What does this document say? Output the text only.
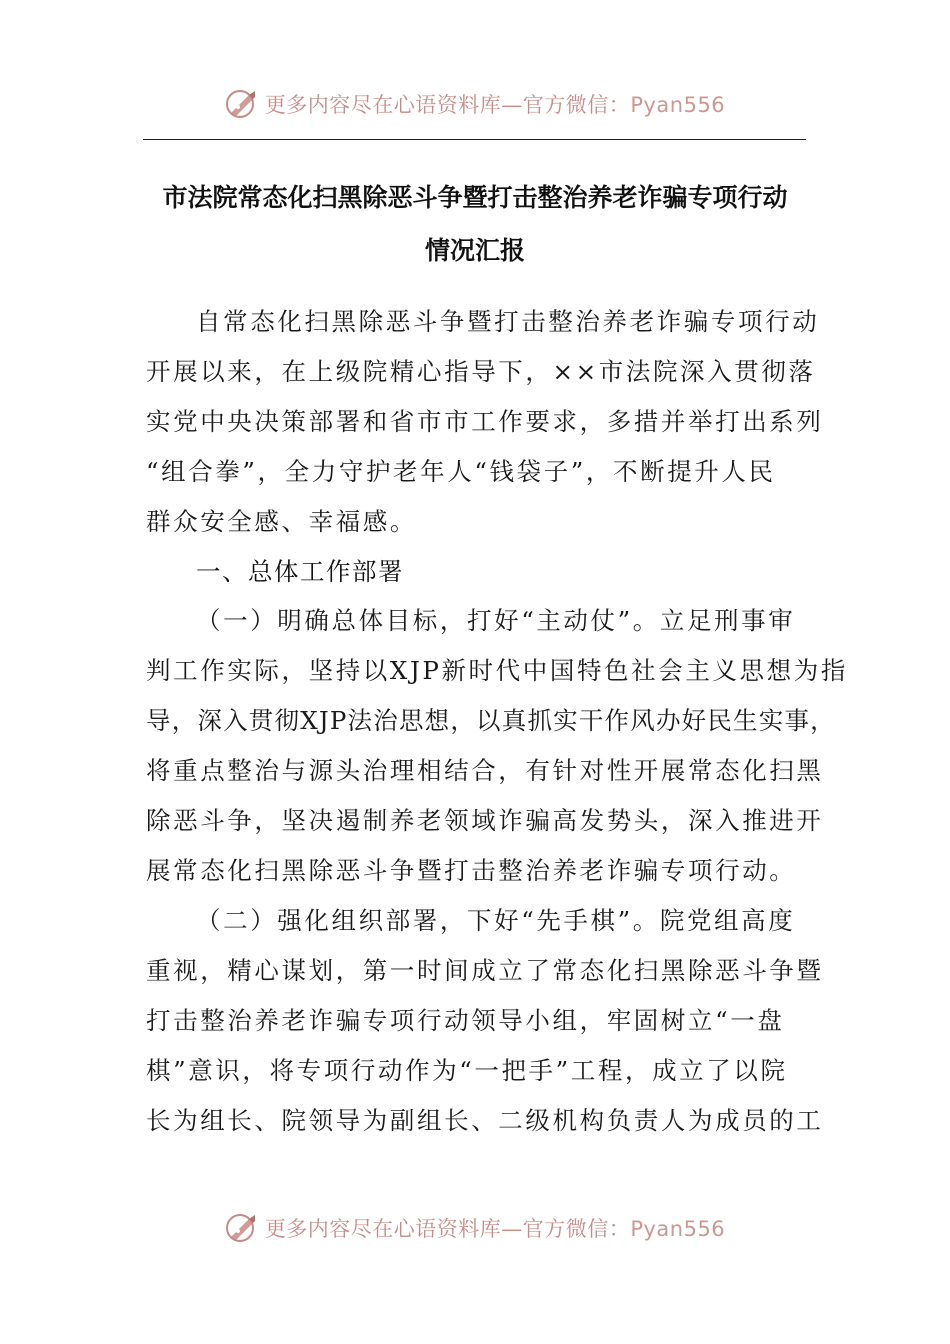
更多内容尽在心语资料库—官方微信：Pyan556
市法院常态化扫黑除恶斗争暨打击整治养老诈骗专项行动
情况汇报
自常态化扫黑除恶斗争暨打击整治养老诈骗专项行动
开展以来，在上级院精心指导下，××市法院深入贯彻落
实党中央决策部署和省市市工作要求，多措并举打出系列
“组合拳”，全力守护老年人“钱袋子”，不断提升人民
群众安全感、幸福感。
一、总体工作部署
（一）明确总体目标，打好“主动仗”。立足刑事审
判工作实际，坚持以XJP新时代中国特色社会主义思想为指
导，深入贯彻XJP法治思想，以真抓实干作风办好民生实事，
将重点整治与源头治理相结合，有针对性开展常态化扫黑
除恶斗争，坚决遏制养老领域诈骗高发势头，深入推进开
展常态化扫黑除恶斗争暨打击整治养老诈骗专项行动。
（二）强化组织部署，下好“先手棋”。院党组高度
重视，精心谋划，第一时间成立了常态化扫黑除恶斗争暨
打击整治养老诈骗专项行动领导小组，牢固树立“一盘
棋”意识，将专项行动作为“一把手”工程，成立了以院
长为组长、院领导为副组长、二级机构负责人为成员的工
更多内容尽在心语资料库—官方微信：Pyan556
